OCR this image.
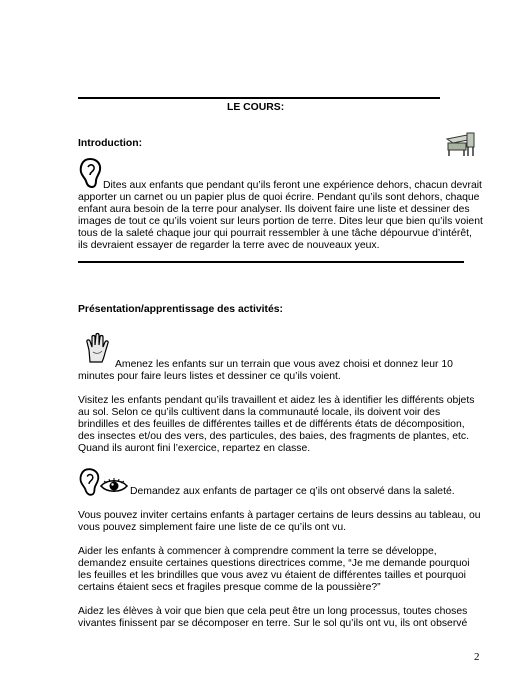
LE COURS:
Introduction:
Dites aux enfants que pendant qu’ils feront une expérience dehors, chacun devrait
apporter un carnet ou un papier plus de quoi écrire. Pendant qu’ils sont dehors, chaque
enfant aura besoin de la terre pour analyser. Ils doivent faire une liste et dessiner des
images de tout ce qu’ils voient sur leurs portion de terre. Dites leur que bien qu’ils voient
tous de la saleté chaque jour qui pourrait ressembler à une tâche dépourvue d’intérêt,
ils devraient essayer de regarder la terre avec de nouveaux yeux.
Présentation/apprentissage des activités:
Amenez les enfants sur un terrain que vous avez choisi et donnez leur 10
minutes pour faire leurs listes et dessiner ce qu’ils voient.
Visitez les enfants pendant qu’ils travaillent et aidez les à identifier les différents objets
au sol. Selon ce qu’ils cultivent dans la communauté locale, ils doivent voir des
brindilles et des feuilles de différentes tailles et de différents états de décomposition,
des insectes et/ou des vers, des particules, des baies, des fragments de plantes, etc.
Quand ils auront fini l’exercice, repartez en classe.
Demandez aux enfants de partager ce q’ils ont observé dans la saleté.
Vous pouvez inviter certains enfants à partager certains de leurs dessins au tableau, ou
vous pouvez simplement faire une liste de ce qu’ils ont vu.
Aider les enfants à commencer à comprendre comment la terre se développe,
demandez ensuite certaines questions directrices comme, “Je me demande pourquoi
les feuilles et les brindilles que vous avez vu étaient de différentes tailles et pourquoi
certains étaient secs et fragiles presque comme de la poussière?”
Aidez les élèves à voir que bien que cela peut être un long processus, toutes choses
vivantes finissent par se décomposer en terre. Sur le sol qu’ils ont vu, ils ont observé
2
